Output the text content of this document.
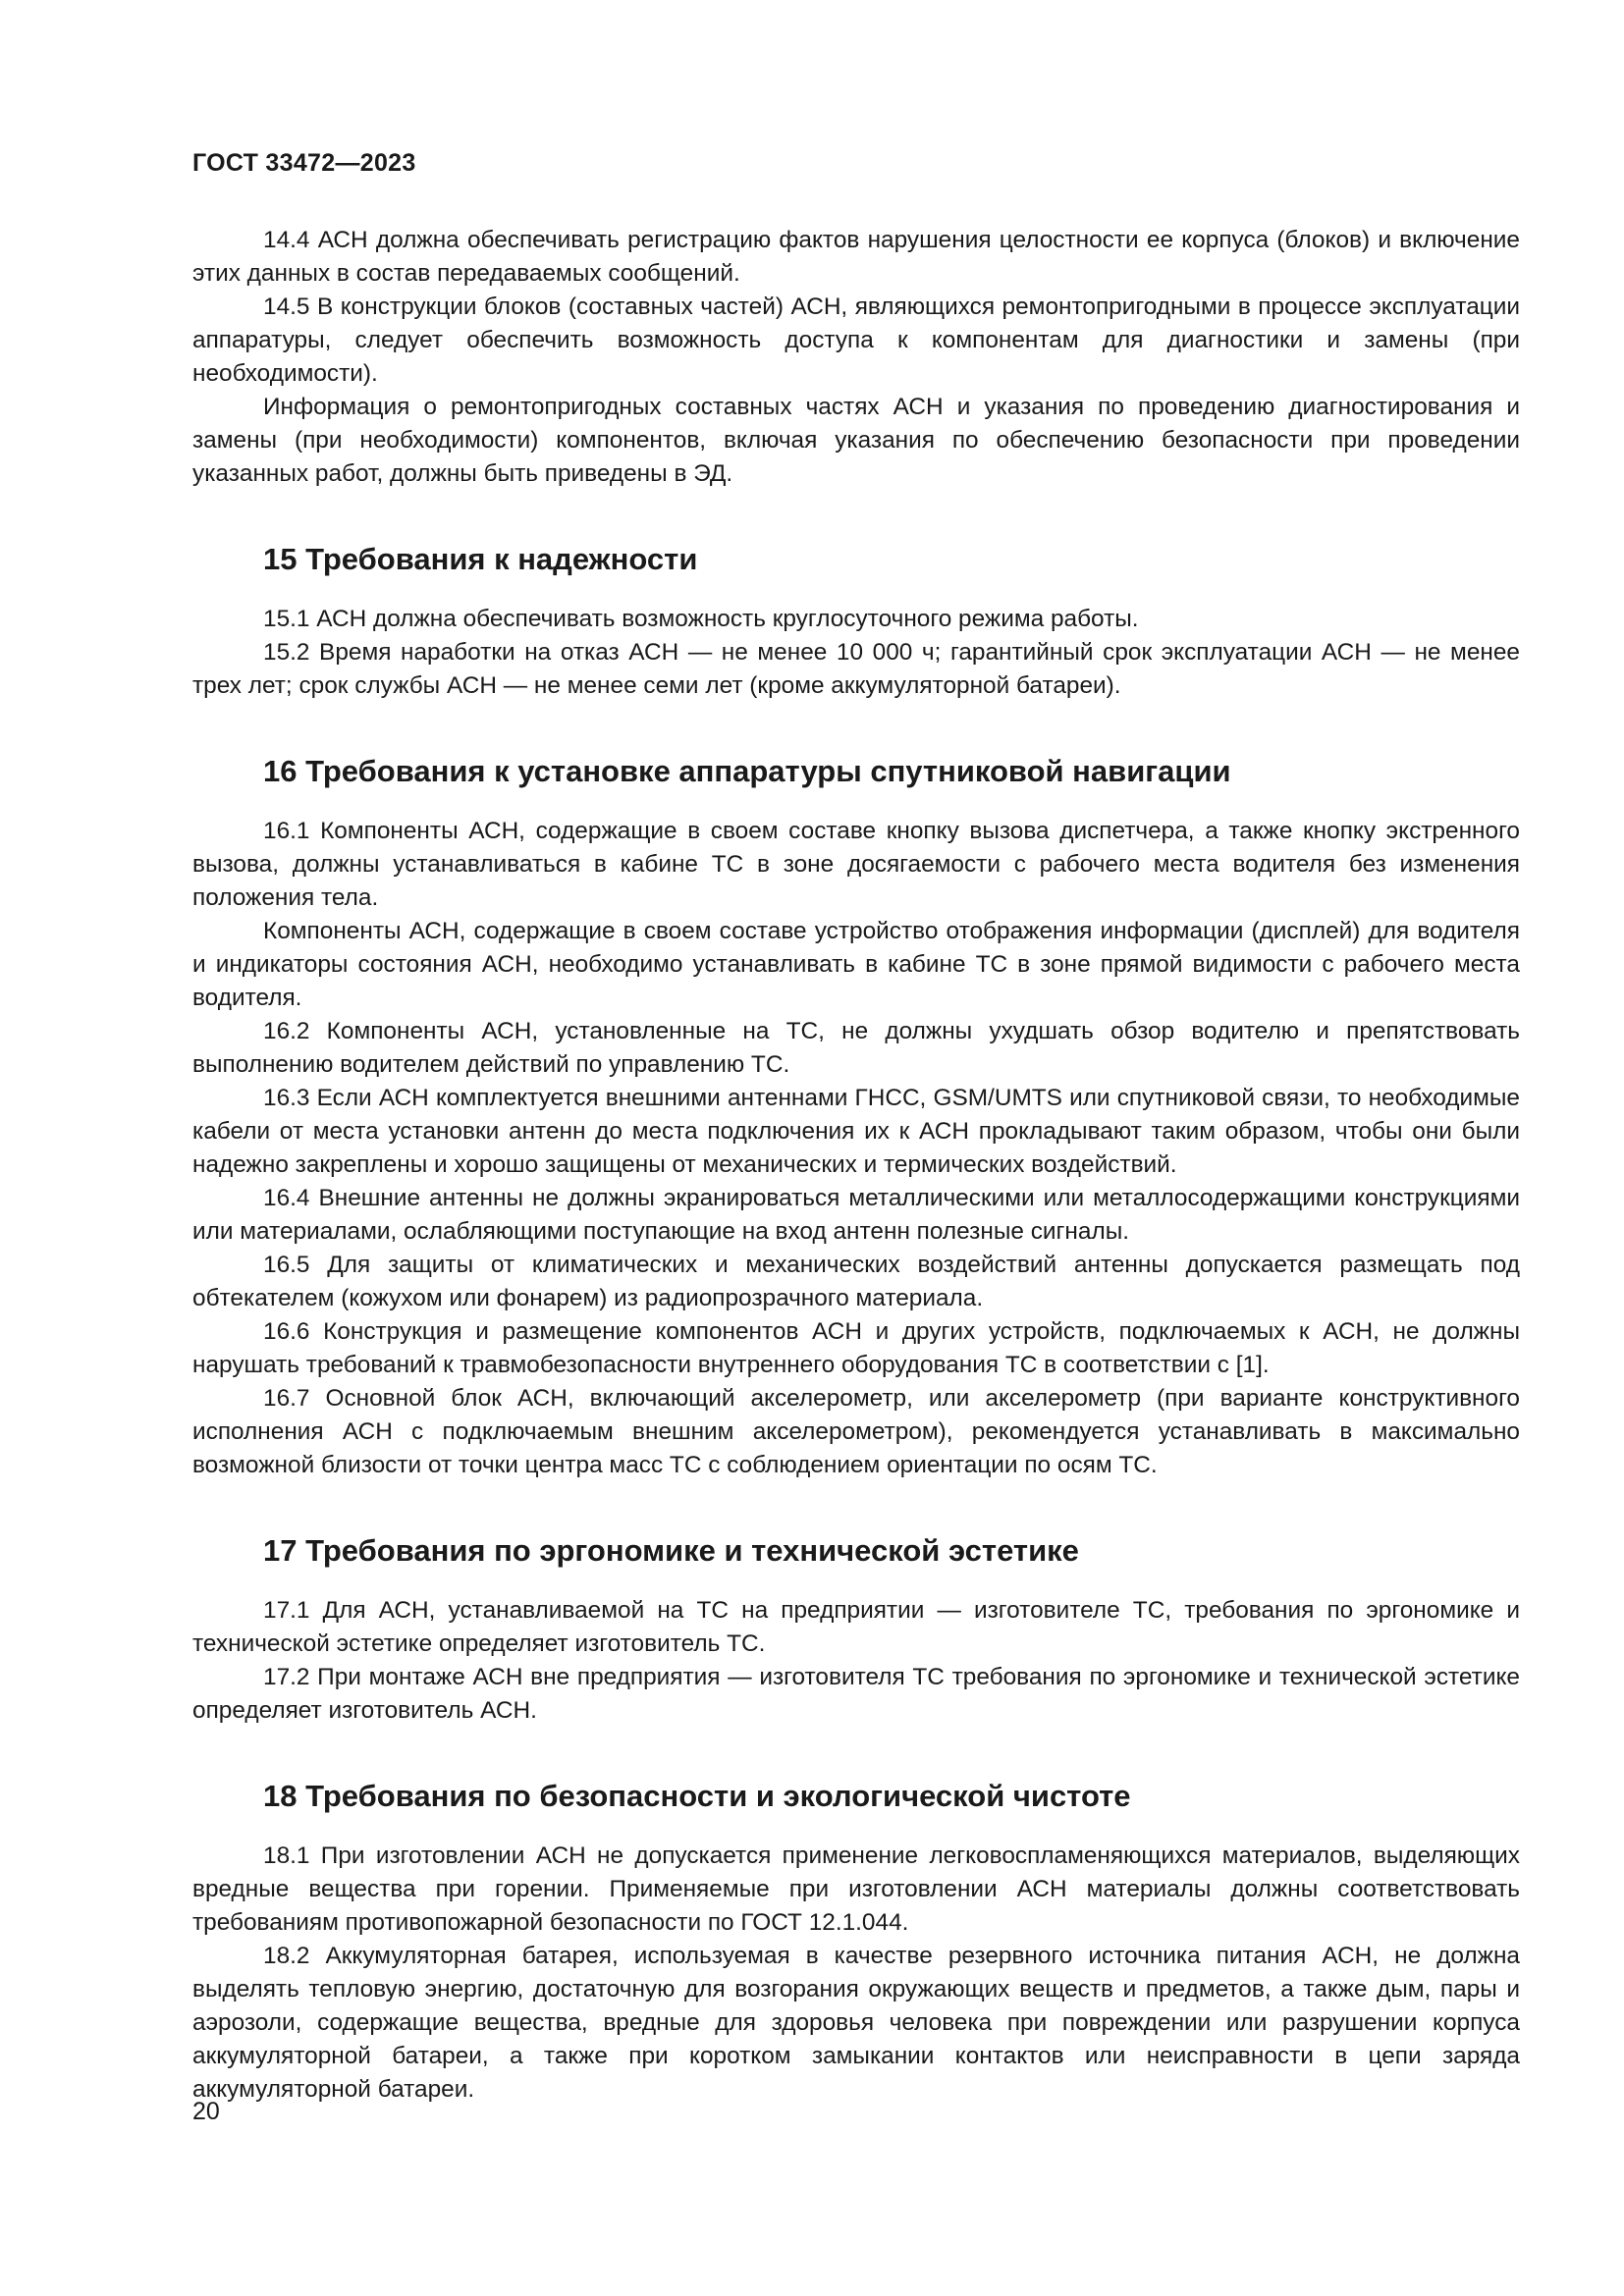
ГОСТ 33472—2023

14.4 АСН должна обеспечивать регистрацию фактов нарушения целостности ее корпуса (блоков) и включение этих данных в состав передаваемых сообщений.

14.5 В конструкции блоков (составных частей) АСН, являющихся ремонтопригодными в процессе эксплуатации аппаратуры, следует обеспечить возможность доступа к компонентам для диагностики и замены (при необходимости).

Информация о ремонтопригодных составных частях АСН и указания по проведению диагностирования и замены (при необходимости) компонентов, включая указания по обеспечению безопасности при проведении указанных работ, должны быть приведены в ЭД.

15 Требования к надежности

15.1 АСН должна обеспечивать возможность круглосуточного режима работы.

15.2 Время наработки на отказ АСН — не менее 10 000 ч; гарантийный срок эксплуатации АСН — не менее трех лет; срок службы АСН — не менее семи лет (кроме аккумуляторной батареи).

16 Требования к установке аппаратуры спутниковой навигации

16.1 Компоненты АСН, содержащие в своем составе кнопку вызова диспетчера, а также кнопку экстренного вызова, должны устанавливаться в кабине ТС в зоне досягаемости с рабочего места водителя без изменения положения тела.

Компоненты АСН, содержащие в своем составе устройство отображения информации (дисплей) для водителя и индикаторы состояния АСН, необходимо устанавливать в кабине ТС в зоне прямой видимости с рабочего места водителя.

16.2 Компоненты АСН, установленные на ТС, не должны ухудшать обзор водителю и препятствовать выполнению водителем действий по управлению ТС.

16.3 Если АСН комплектуется внешними антеннами ГНСС, GSM/UMTS или спутниковой связи, то необходимые кабели от места установки антенн до места подключения их к АСН прокладывают таким образом, чтобы они были надежно закреплены и хорошо защищены от механических и термических воздействий.

16.4 Внешние антенны не должны экранироваться металлическими или металлосодержащими конструкциями или материалами, ослабляющими поступающие на вход антенн полезные сигналы.

16.5 Для защиты от климатических и механических воздействий антенны допускается размещать под обтекателем (кожухом или фонарем) из радиопрозрачного материала.

16.6 Конструкция и размещение компонентов АСН и других устройств, подключаемых к АСН, не должны нарушать требований к травмобезопасности внутреннего оборудования ТС в соответствии с [1].

16.7 Основной блок АСН, включающий акселерометр, или акселерометр (при варианте конструктивного исполнения АСН с подключаемым внешним акселерометром), рекомендуется устанавливать в максимально возможной близости от точки центра масс ТС с соблюдением ориентации по осям ТС.

17 Требования по эргономике и технической эстетике

17.1 Для АСН, устанавливаемой на ТС на предприятии — изготовителе ТС, требования по эргономике и технической эстетике определяет изготовитель ТС.

17.2 При монтаже АСН вне предприятия — изготовителя ТС требования по эргономике и технической эстетике определяет изготовитель АСН.

18 Требования по безопасности и экологической чистоте

18.1 При изготовлении АСН не допускается применение легковоспламеняющихся материалов, выделяющих вредные вещества при горении. Применяемые при изготовлении АСН материалы должны соответствовать требованиям противопожарной безопасности по ГОСТ 12.1.044.

18.2 Аккумуляторная батарея, используемая в качестве резервного источника питания АСН, не должна выделять тепловую энергию, достаточную для возгорания окружающих веществ и предметов, а также дым, пары и аэрозоли, содержащие вещества, вредные для здоровья человека при повреждении или разрушении корпуса аккумуляторной батареи, а также при коротком замыкании контактов или неисправности в цепи заряда аккумуляторной батареи.

20
